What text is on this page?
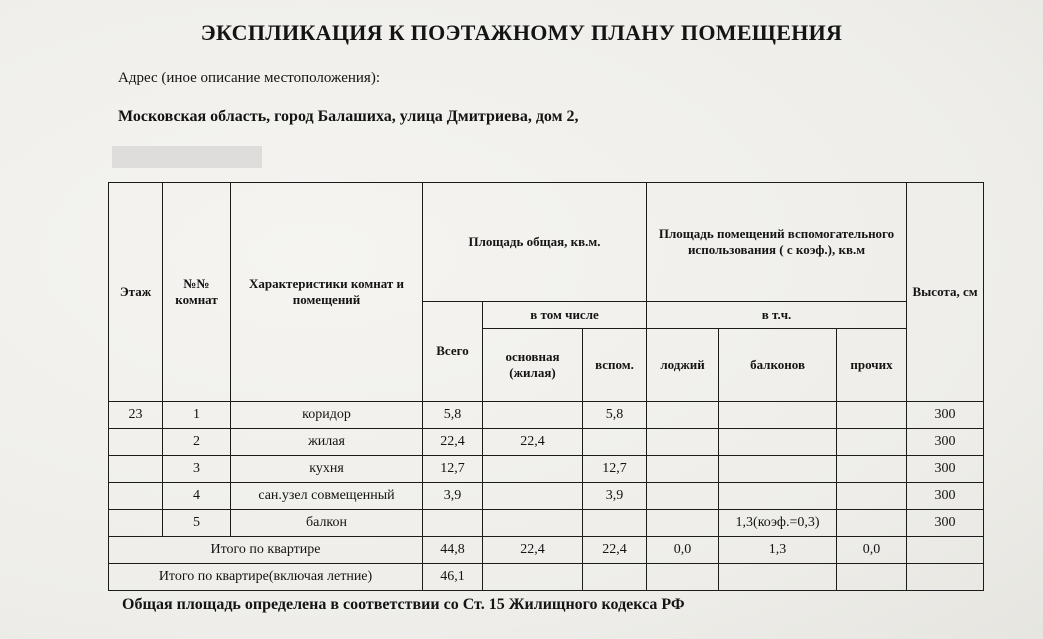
ЭКСПЛИКАЦИЯ К ПОЭТАЖНОМУ ПЛАНУ ПОМЕЩЕНИЯ
Адрес (иное описание местоположения):
Московская область, город Балашиха, улица Дмитриева, дом 2,
Этаж	№№ комнат	Характеристики комнат и помещений	Площадь общая, кв.м.			Площадь помещений вспомогательного использования ( с коэф.), кв.м			Высота, см
			Всего	в том числе		в т.ч.			
				основная (жилая)	вспом.	лоджий	балконов	прочих	
23	1	коридор	5,8		5,8				300
	2	жилая	22,4	22,4					300
	3	кухня	12,7		12,7				300
	4	сан.узел совмещенный	3,9		3,9				300
	5	балкон					1,3(коэф.=0,3)		300
Итого по квартире			44,8	22,4	22,4	0,0	1,3	0,0	
Итого по квартире(включая летние)			46,1						
Общая площадь определена в соответствии со Ст. 15 Жилищного кодекса РФ
